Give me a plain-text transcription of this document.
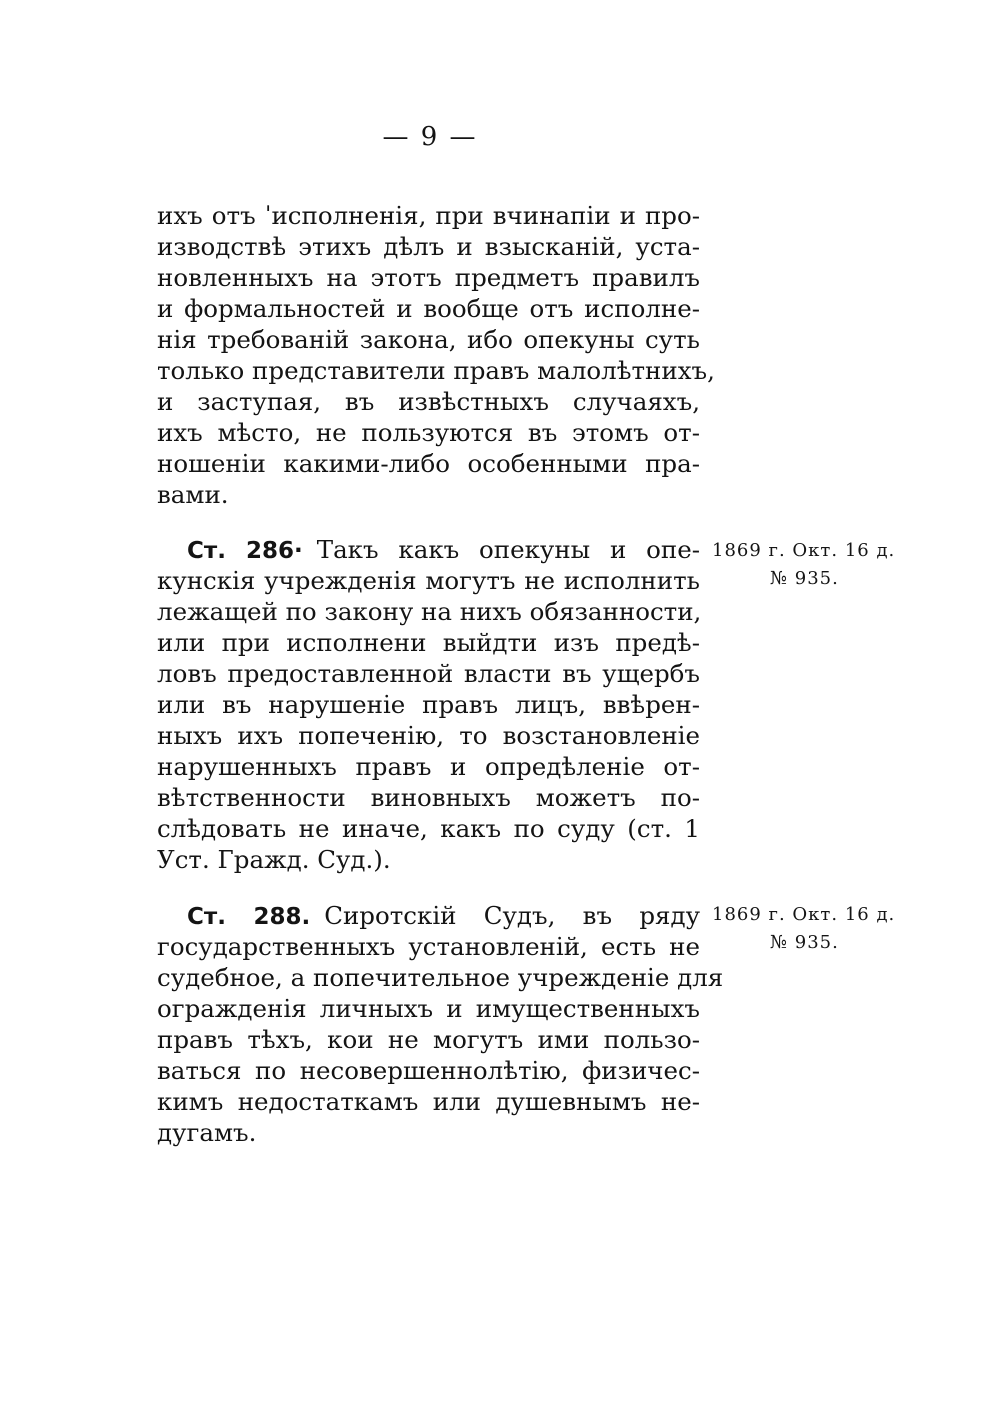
— 9 —
ихъ отъ ˈисполненія, при вчинапіи и про-
изводствѣ этихъ дѣлъ и взысканій, уста-
новленныхъ на этотъ предметъ правилъ
и формальностей и вообще отъ исполне-
нія требованій закона, ибо опекуны суть
только представители правъ малолѣтнихъ,
и заступая, въ извѣстныхъ случаяхъ,
ихъ мѣсто, не пользуются въ этомъ от-
ношеніи какими-либо особенными пра-
вами.
Ст. 286· Такъ какъ опекуны и опе-
кунскія учрежденія могутъ не исполнить
лежащей по закону на нихъ обязанности,
или при исполнени выйдти изъ предѣ-
ловъ предоставленной власти въ ущербъ
или въ нарушеніе правъ лицъ, ввѣрен-
ныхъ ихъ попеченію, то возстановленіе
нарушенныхъ правъ и опредѣленіе от-
вѣтственности виновныхъ можетъ по-
слѣдовать не иначе, какъ по суду (ст. 1
Уст. Гражд. Суд.).
1869 г. Окт. 16 д.
№ 935.
Ст. 288. Сиротскій Судъ, въ ряду
государственныхъ установленій, есть не
судебное, а попечительное учрежденіе для
огражденія личныхъ и имущественныхъ
правъ тѣхъ, кои не могутъ ими пользо-
ваться по несовершеннолѣтію, физичес-
кимъ недостаткамъ или душевнымъ не-
дугамъ.
1869 г. Окт. 16 д.
№ 935.
